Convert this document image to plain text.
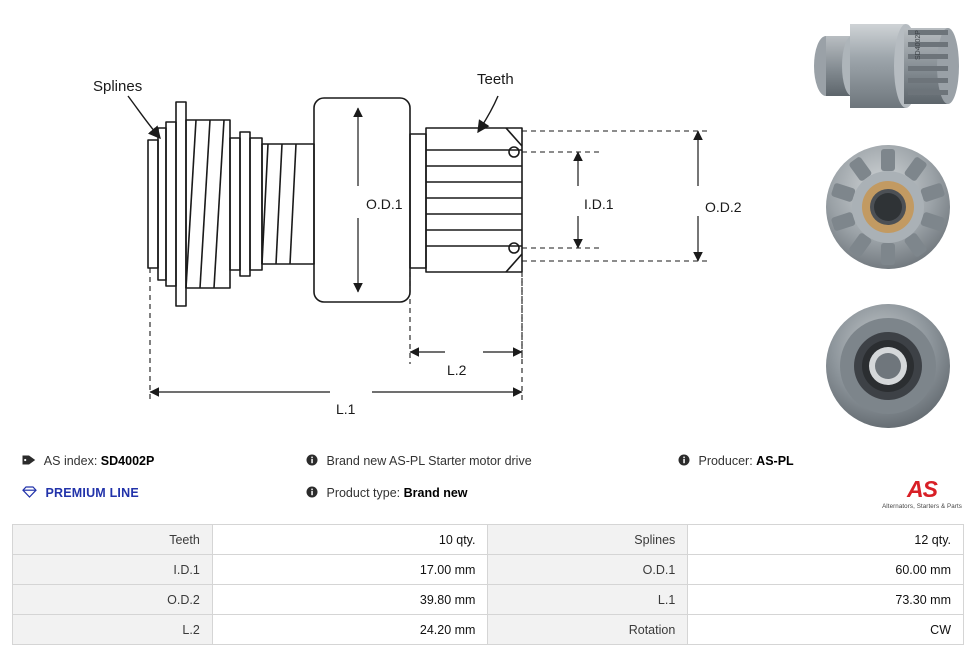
Splines	Teeth
O.D.1	I.D.1	O.D.2
L.2
L.1
SD4002P
AS index: SD4002P
PREMIUM LINE
Brand new AS-PL Starter motor drive
Product type: Brand new
Producer: AS-PL
AS
Alternators, Starters & Parts
Teeth	10 qty.	Splines	12 qty.
I.D.1	17.00 mm	O.D.1	60.00 mm
O.D.2	39.80 mm	L.1	73.30 mm
L.2	24.20 mm	Rotation	CW
